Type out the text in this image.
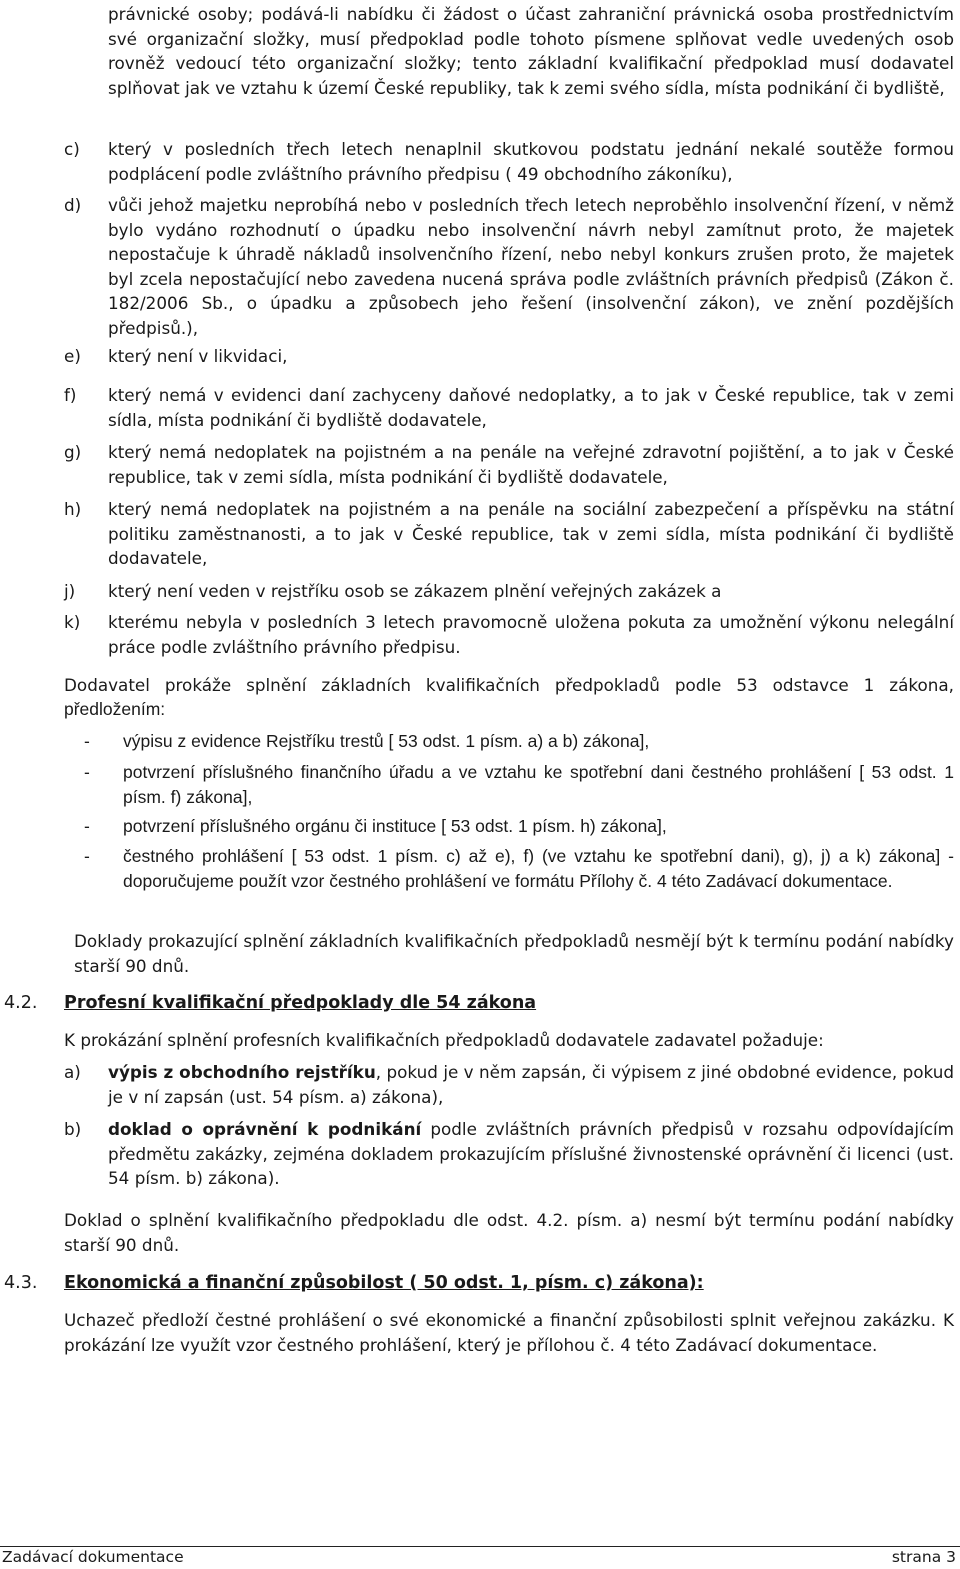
právnické osoby; podává-li nabídku či žádost o účast zahraniční právnická osoba prostřednictvím své organizační složky, musí předpoklad podle tohoto písmene splňovat vedle uvedených osob rovněž vedoucí této organizační složky; tento základní kvalifikační předpoklad musí dodavatel splňovat jak ve vztahu k území České republiky, tak k zemi svého sídla, místa podnikání či bydliště,

c)	který v posledních třech letech nenaplnil skutkovou podstatu jednání nekalé soutěže formou podplácení podle zvláštního právního předpisu ( 49 obchodního zákoníku),

d)	vůči jehož majetku neprobíhá nebo v posledních třech letech neproběhlo insolvenční řízení, v němž bylo vydáno rozhodnutí o úpadku nebo insolvenční návrh nebyl zamítnut proto, že majetek nepostačuje k úhradě nákladů insolvenčního řízení, nebo nebyl konkurs zrušen proto, že majetek byl zcela nepostačující nebo zavedena nucená správa podle zvláštních právních předpisů (Zákon č. 182/2006 Sb., o úpadku a způsobech jeho řešení (insolvenční zákon), ve znění pozdějších předpisů.),

e)	který není v likvidaci,

f)	který nemá v evidenci daní zachyceny daňové nedoplatky, a to jak v České republice, tak v zemi sídla, místa podnikání či bydliště dodavatele,

g)	který nemá nedoplatek na pojistném a na penále na veřejné zdravotní pojištění, a to jak v České republice, tak v zemi sídla, místa podnikání či bydliště dodavatele,

h)	který nemá nedoplatek na pojistném a na penále na sociální zabezpečení a příspěvku na státní politiku zaměstnanosti, a to jak v České republice, tak v zemi sídla, místa podnikání či bydliště dodavatele,

j)	který není veden v rejstříku osob se zákazem plnění veřejných zakázek a

k)	kterému nebyla v posledních 3 letech pravomocně uložena pokuta za umožnění výkonu nelegální práce podle zvláštního právního předpisu.

Dodavatel prokáže splnění základních kvalifikačních předpokladů podle 53 odstavce 1 zákona,

předložením:

- výpisu z evidence Rejstříku trestů [ 53 odst. 1 písm. a) a b) zákona],

- potvrzení příslušného finančního úřadu a ve vztahu ke spotřební dani čestného prohlášení [ 53 odst. 1 písm. f) zákona],

- potvrzení příslušného orgánu či instituce [ 53 odst. 1 písm. h) zákona],

- čestného prohlášení [ 53 odst. 1 písm. c) až e), f) (ve vztahu ke spotřební dani), g), j) a k) zákona] - doporučujeme použít vzor čestného prohlášení ve formátu Přílohy č. 4 této Zadávací dokumentace.

Doklady prokazující splnění základních kvalifikačních předpokladů nesmějí být k termínu podání nabídky starší 90 dnů.

4.2. Profesní kvalifikační předpoklady dle 54 zákona

K prokázání splnění profesních kvalifikačních předpokladů dodavatele zadavatel požaduje:

a)	výpis z obchodního rejstříku, pokud je v něm zapsán, či výpisem z jiné obdobné evidence, pokud je v ní zapsán (ust. 54 písm. a) zákona),

b)	doklad o oprávnění k podnikání podle zvláštních právních předpisů v rozsahu odpovídajícím předmětu zakázky, zejména dokladem prokazujícím příslušné živnostenské oprávnění či licenci (ust. 54 písm. b) zákona).

Doklad o splnění kvalifikačního předpokladu dle odst. 4.2. písm. a) nesmí být termínu podání nabídky starší 90 dnů.

4.3. Ekonomická a finanční způsobilost ( 50 odst. 1, písm. c) zákona):

Uchazeč předloží čestné prohlášení o své ekonomické a finanční způsobilosti splnit veřejnou zakázku. K prokázání lze využít vzor čestného prohlášení, který je přílohou č. 4 této Zadávací dokumentace.

Zadávací dokumentace	strana 3
